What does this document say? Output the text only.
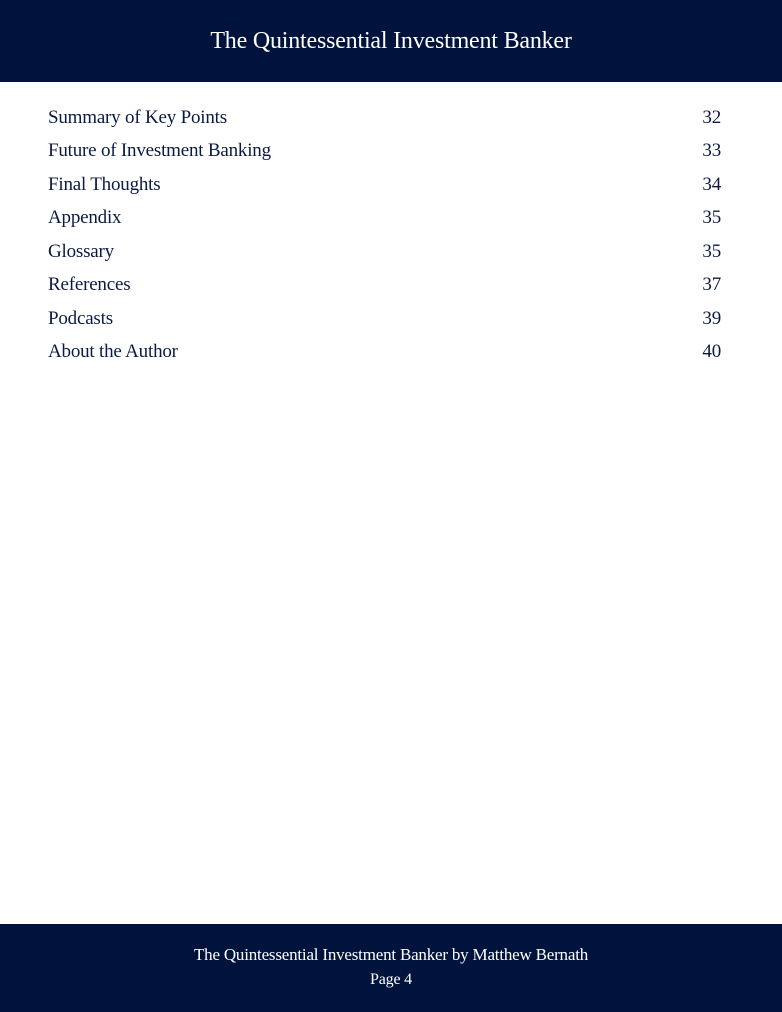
The Quintessential Investment Banker
Summary of Key Points	32
Future of Investment Banking	33
Final Thoughts	34
Appendix	35
Glossary	35
References	37
Podcasts	39
About the Author	40
The Quintessential Investment Banker by Matthew Bernath
Page 4
